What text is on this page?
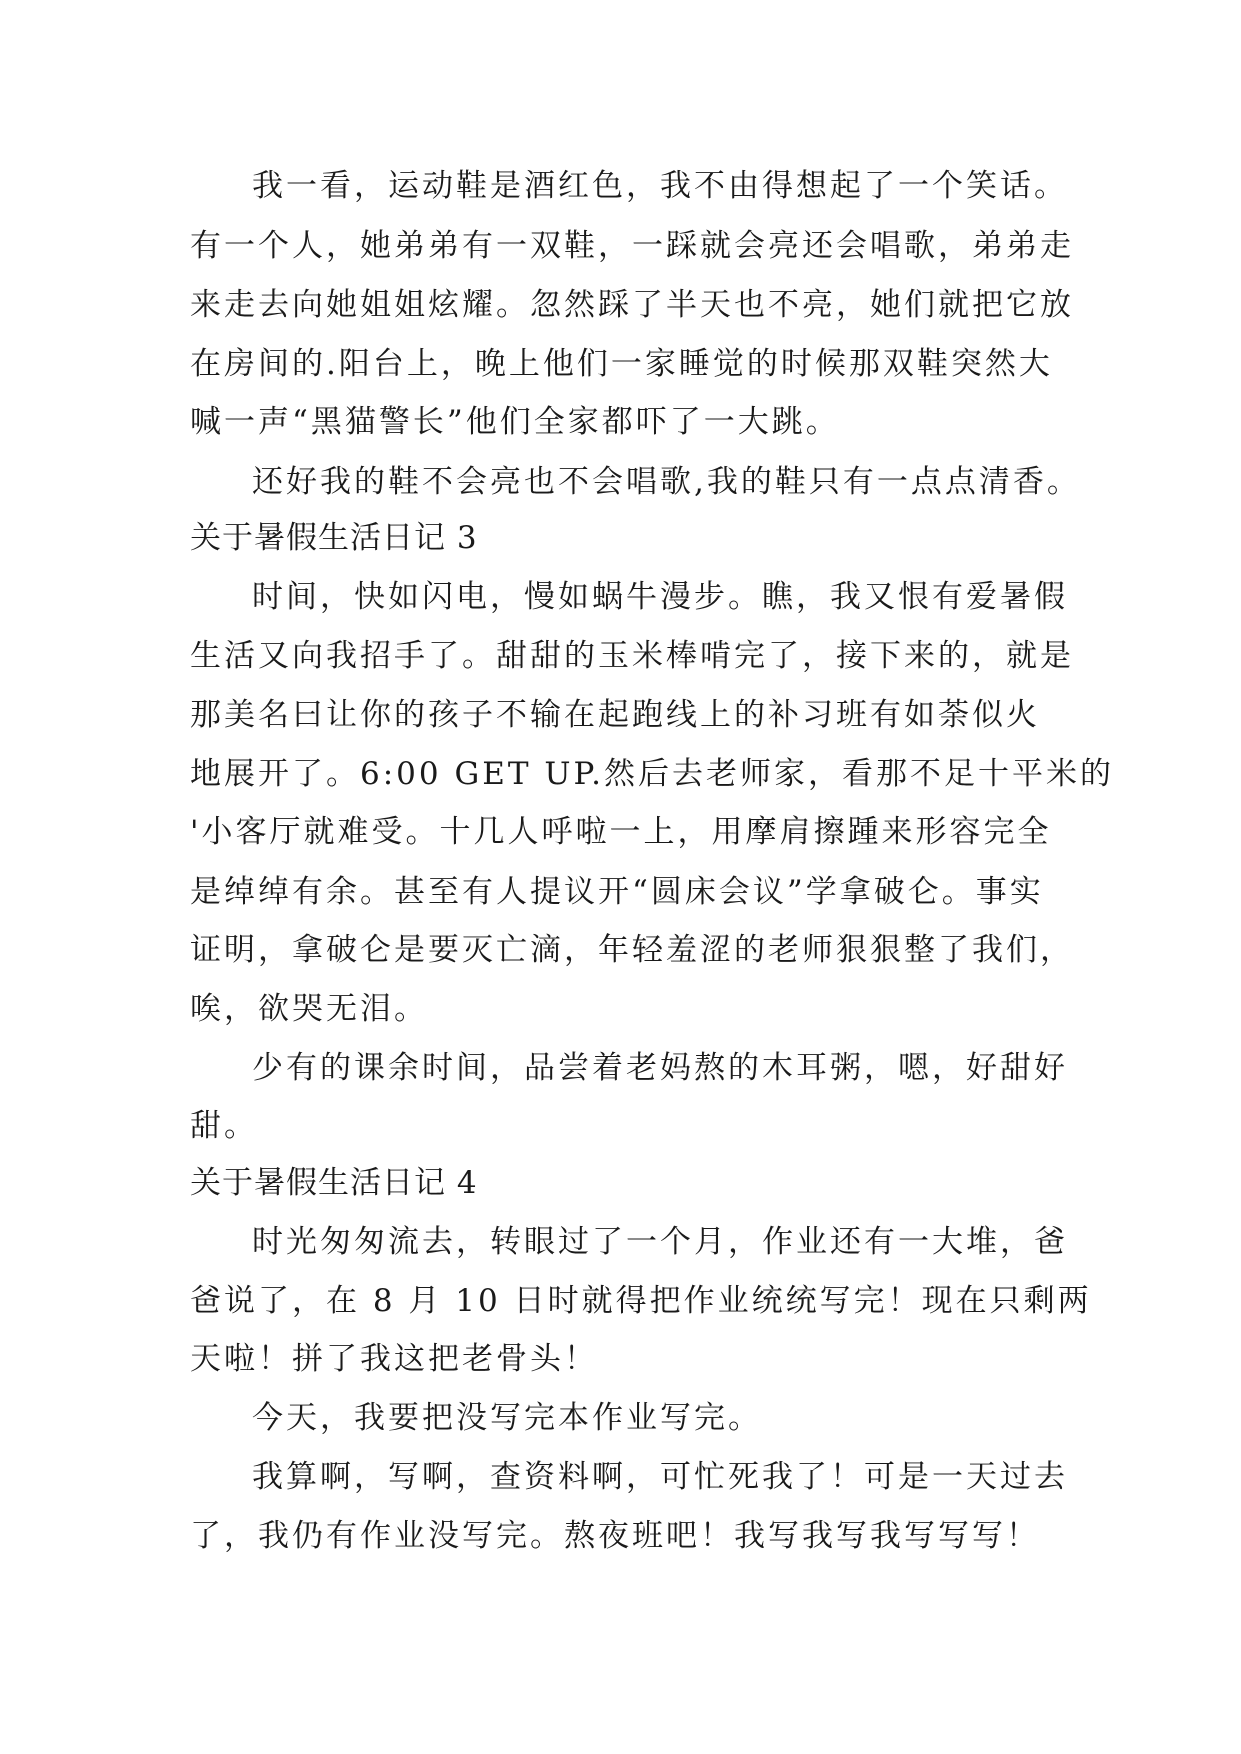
我一看，运动鞋是酒红色，我不由得想起了一个笑话。
有一个人，她弟弟有一双鞋，一踩就会亮还会唱歌，弟弟走
来走去向她姐姐炫耀。忽然踩了半天也不亮，她们就把它放
在房间的.阳台上，晚上他们一家睡觉的时候那双鞋突然大
喊一声“黑猫警长”他们全家都吓了一大跳。
还好我的鞋不会亮也不会唱歌,我的鞋只有一点点清香。
关于暑假生活日记 3
时间，快如闪电，慢如蜗牛漫步。瞧，我又恨有爱暑假
生活又向我招手了。甜甜的玉米棒啃完了，接下来的，就是
那美名曰让你的孩子不输在起跑线上的补习班有如荼似火
地展开了。6:00 GET UP.然后去老师家，看那不足十平米的
'小客厅就难受。十几人呼啦一上，用摩肩擦踵来形容完全
是绰绰有余。甚至有人提议开“圆床会议”学拿破仑。事实
证明，拿破仑是要灭亡滴，年轻羞涩的老师狠狠整了我们，
唉，欲哭无泪。
少有的课余时间，品尝着老妈熬的木耳粥，嗯，好甜好
甜。
关于暑假生活日记 4
时光匆匆流去，转眼过了一个月，作业还有一大堆，爸
爸说了，在 8 月 10 日时就得把作业统统写完！现在只剩两
天啦！拼了我这把老骨头！
今天，我要把没写完本作业写完。
我算啊，写啊，查资料啊，可忙死我了！可是一天过去
了，我仍有作业没写完。熬夜班吧！我写我写我写写写！
